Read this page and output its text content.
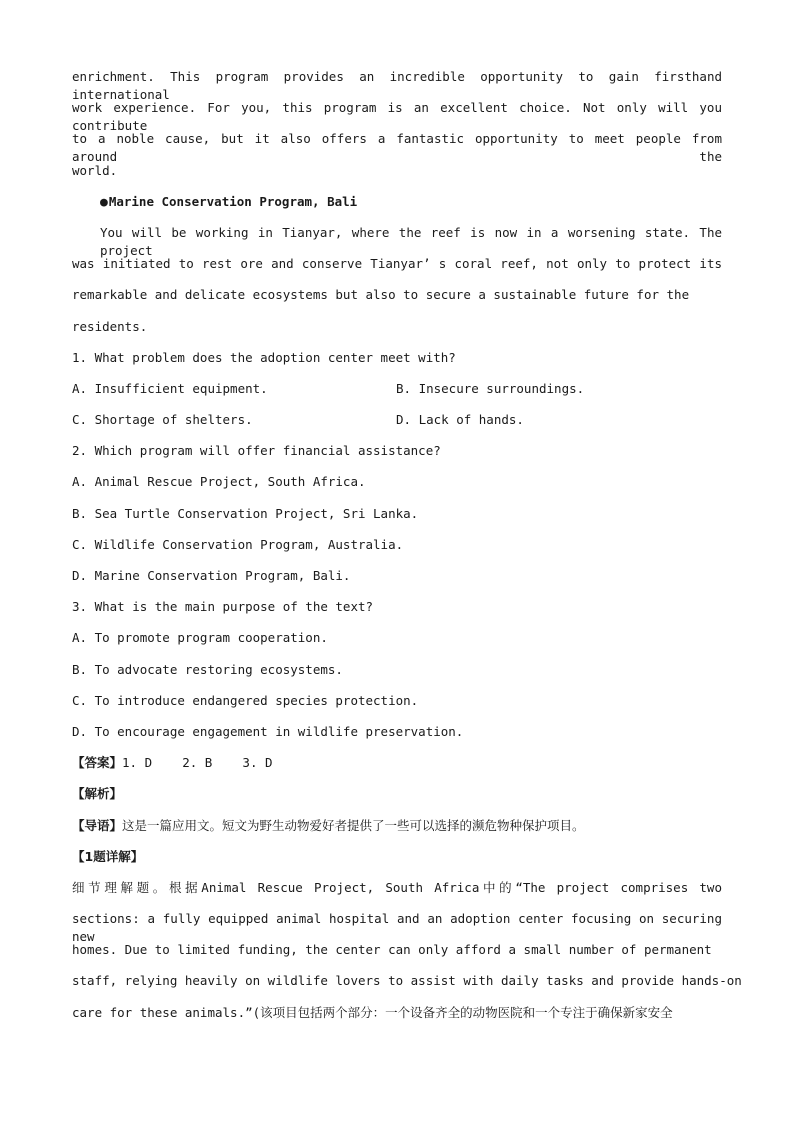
enrichment. This program provides an incredible opportunity to gain firsthand international
work experience. For you, this program is an excellent choice. Not only will you contribute
to a noble cause, but it also offers a fantastic opportunity to meet people from around the
world.
●Marine Conservation Program, Bali
You will be working in Tianyar, where the reef is now in a worsening state. The project
was initiated to rest ore and conserve Tianyar’ s coral reef, not only to protect its
remarkable and delicate ecosystems but also to secure a sustainable future for the
residents.
1. What problem does the adoption center meet with?
A. Insufficient equipment.	B. Insecure surroundings.
C. Shortage of shelters.	D. Lack of hands.
2. Which program will offer financial assistance?
A. Animal Rescue Project, South Africa.
B. Sea Turtle Conservation Project, Sri Lanka.
C. Wildlife Conservation Program, Australia.
D. Marine Conservation Program, Bali.
3. What is the main purpose of the text?
A. To promote program cooperation.
B. To advocate restoring ecosystems.
C. To introduce endangered species protection.
D. To encourage engagement in wildlife preservation.
【答案】1. D    2. B    3. D
【解析】
【导语】这是一篇应用文。短文为野生动物爱好者提供了一些可以选择的濒危物种保护项目。
【1题详解】
细节理解题。根据Animal Rescue Project, South Africa中的“The project comprises two
sections: a fully equipped animal hospital and an adoption center focusing on securing new
homes. Due to limited funding, the center can only afford a small number of permanent
staff, relying heavily on wildlife lovers to assist with daily tasks and provide hands-on
care for these animals.”(该项目包括两个部分：一个设备齐全的动物医院和一个专注于确保新家安全
